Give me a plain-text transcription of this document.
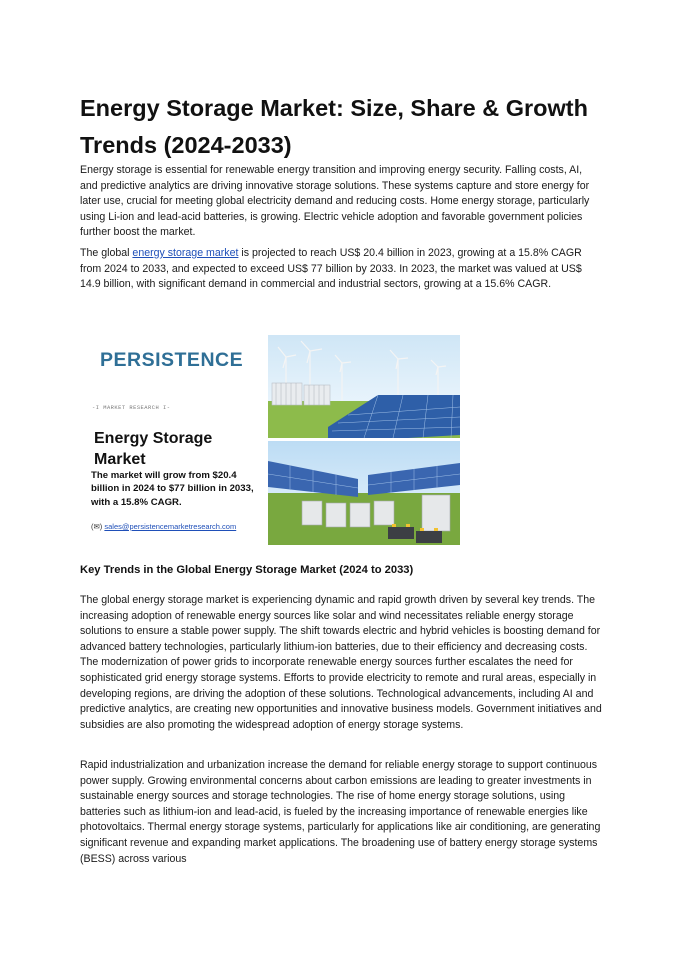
Energy Storage Market: Size, Share & Growth Trends (2024-2033)

Energy storage is essential for renewable energy transition and improving energy security. Falling costs, AI, and predictive analytics are driving innovative storage solutions. These systems capture and store energy for later use, crucial for meeting global electricity demand and reducing costs. Home energy storage, particularly using Li-ion and lead-acid batteries, is growing. Electric vehicle adoption and favorable government policies further boost the market.

The global energy storage market is projected to reach US$ 20.4 billion in 2023, growing at a 15.8% CAGR from 2024 to 2033, and expected to exceed US$ 77 billion by 2033. In 2023, the market was valued at US$ 14.9 billion, with significant demand in commercial and industrial sectors, growing at a 15.6% CAGR.

PERSISTENCE

-I MARKET RESEARCH I-
Energy Storage Market
The market will grow from $20.4 billion in 2024 to $77 billion in 2033, with a 15.8% CAGR.
(✉) sales@persistencemarketresearch.com
Key Trends in the Global Energy Storage Market (2024 to 2033)

The global energy storage market is experiencing dynamic and rapid growth driven by several key trends. The increasing adoption of renewable energy sources like solar and wind necessitates reliable energy storage solutions to ensure a stable power supply. The shift towards electric and hybrid vehicles is boosting demand for advanced battery technologies, particularly lithium-ion batteries, due to their efficiency and decreasing costs. The modernization of power grids to incorporate renewable energy sources further escalates the need for sophisticated grid energy storage systems. Efforts to provide electricity to remote and rural areas, especially in developing regions, are driving the adoption of these solutions. Technological advancements, including AI and predictive analytics, are creating new opportunities and innovative business models. Government initiatives and subsidies are also promoting the widespread adoption of energy storage systems.

Rapid industrialization and urbanization increase the demand for reliable energy storage to support continuous power supply. Growing environmental concerns about carbon emissions are leading to greater investments in sustainable energy sources and storage technologies. The rise of home energy storage solutions, using batteries such as lithium-ion and lead-acid, is fueled by the increasing importance of renewable energies like photovoltaics. Thermal energy storage systems, particularly for applications like air conditioning, are generating significant revenue and expanding market applications. The broadening use of battery energy storage systems (BESS) across various
